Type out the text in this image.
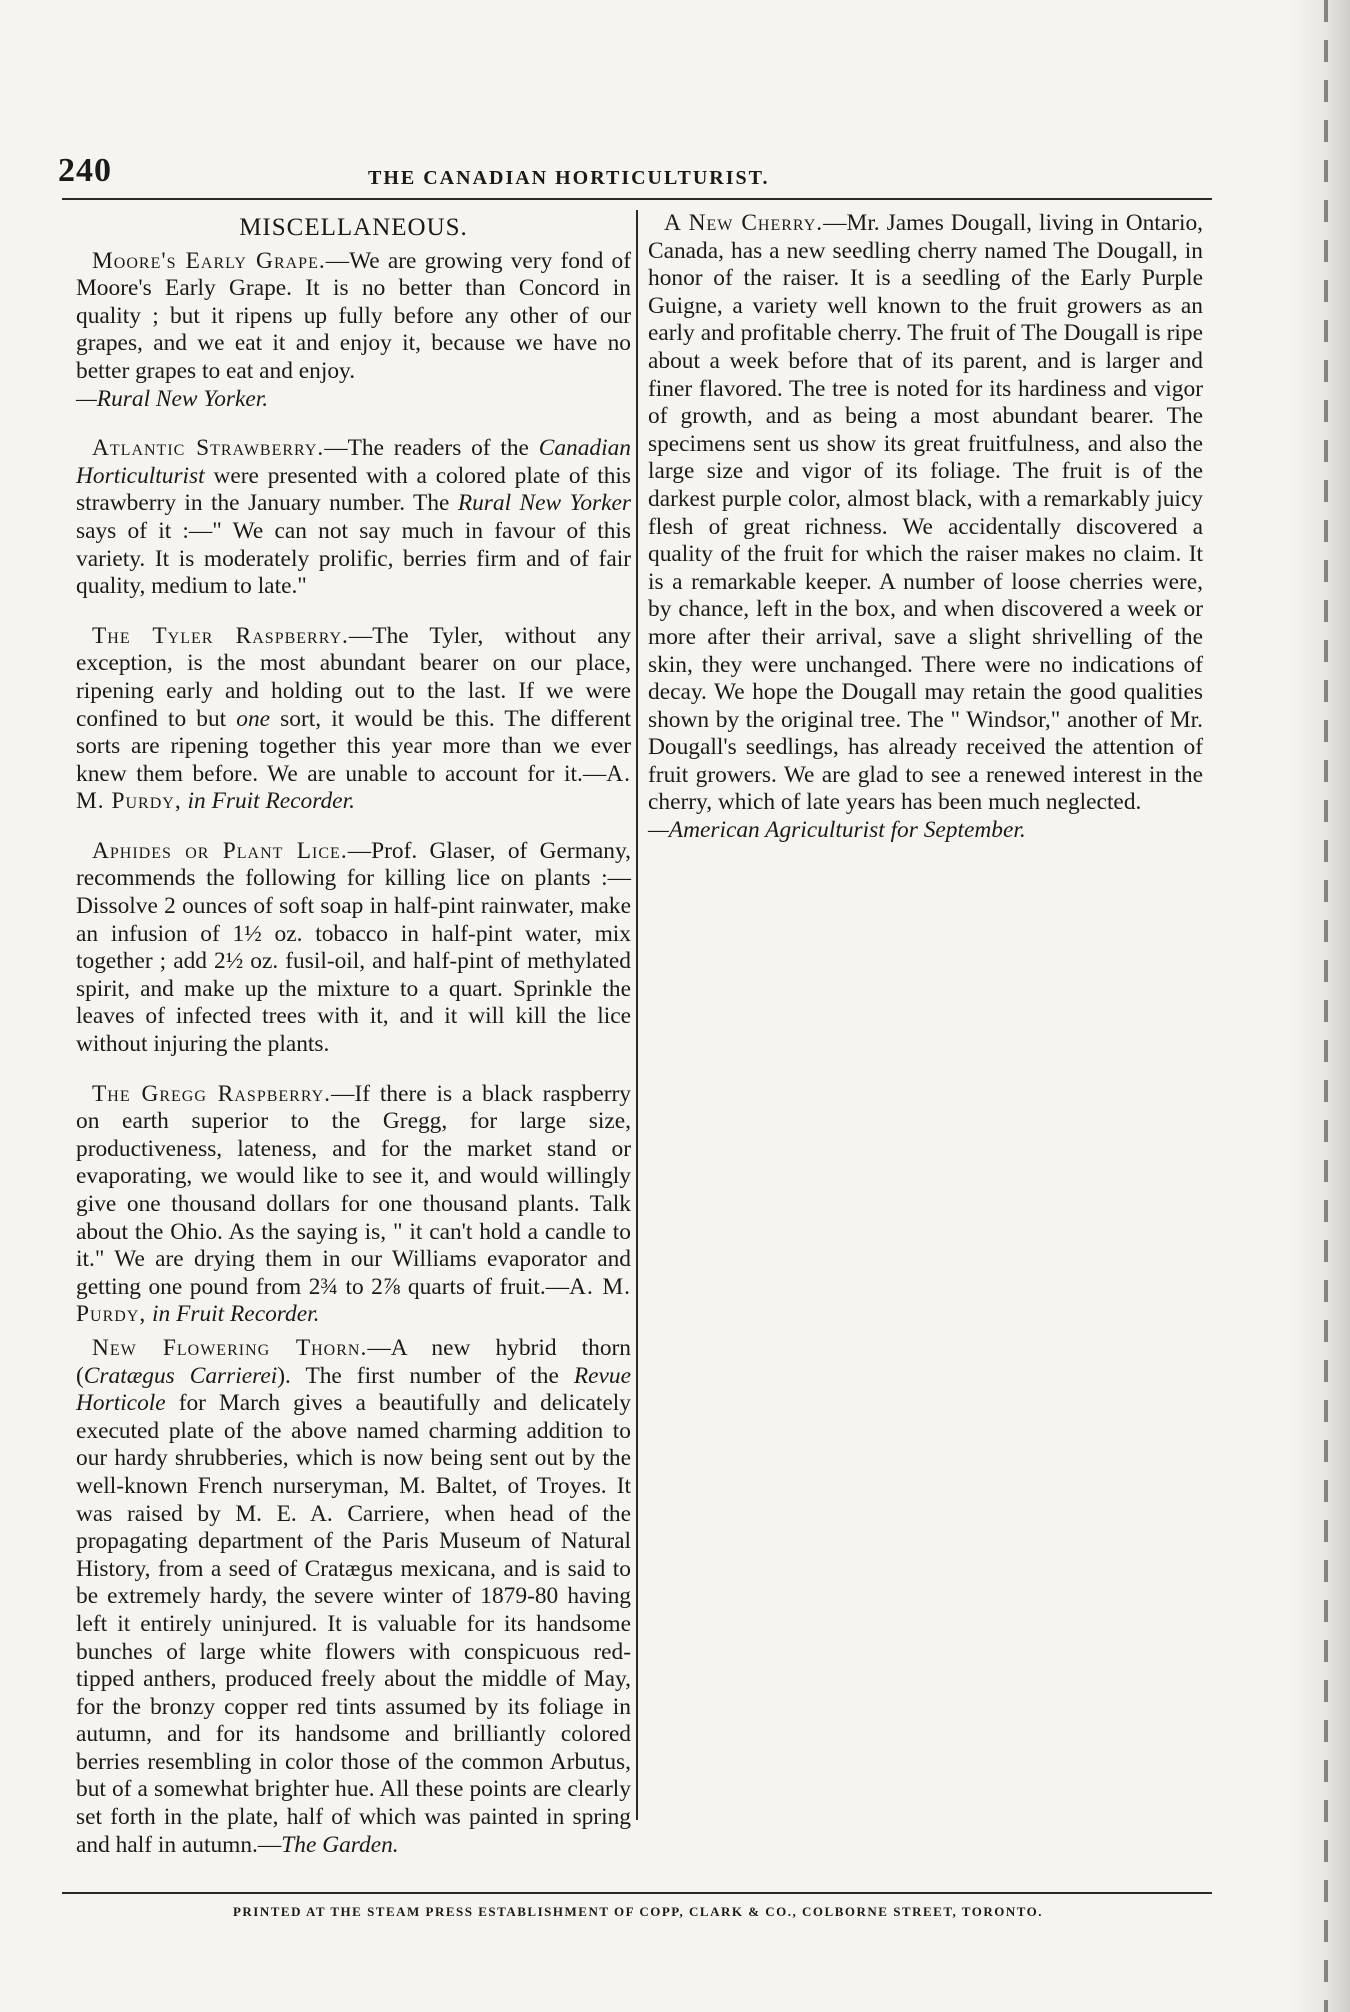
240	THE CANADIAN HORTICULTURIST.
MISCELLANEOUS.

Moore's Early Grape.—We are growing very fond of Moore's Early Grape. It is no better than Concord in quality ; but it ripens up fully before any other of our grapes, and we eat it and enjoy it, because we have no better grapes to eat and enjoy.
—Rural New Yorker.

Atlantic Strawberry.—The readers of the Canadian Horticulturist were presented with a colored plate of this strawberry in the January number. The Rural New Yorker says of it :—" We can not say much in favour of this variety. It is moderately prolific, berries firm and of fair quality, medium to late."

The Tyler Raspberry.—The Tyler, without any exception, is the most abundant bearer on our place, ripening early and holding out to the last. If we were confined to but one sort, it would be this. The different sorts are ripening together this year more than we ever knew them before. We are unable to account for it.—A. M. Purdy, in Fruit Recorder.

Aphides or Plant Lice.—Prof. Glaser, of Germany, recommends the following for killing lice on plants :—Dissolve 2 ounces of soft soap in half-pint rainwater, make an infusion of 1½ oz. tobacco in half-pint water, mix together ; add 2½ oz. fusil-oil, and half-pint of methylated spirit, and make up the mixture to a quart. Sprinkle the leaves of infected trees with it, and it will kill the lice without injuring the plants.

The Gregg Raspberry.—If there is a black raspberry on earth superior to the Gregg, for large size, productiveness, lateness, and for the market stand or evaporating, we would like to see it, and would willingly give one thousand dollars for one thousand plants. Talk about the Ohio. As the saying is, " it can't hold a candle to it." We are drying them in our Williams evaporator and getting one pound from 2¾ to 2⅞ quarts of fruit.—A. M. Purdy, in Fruit Recorder.

New Flowering Thorn.—A new hybrid thorn (Cratægus Carrierei). The first number of the Revue Horticole for March gives a beautifully and delicately executed plate of the above named charming addition to our hardy shrubberies, which is now being sent out by the well-known French nurseryman, M. Baltet, of Troyes. It was raised by M. E. A. Carriere, when head of the propagating department of the Paris Museum of Natural History, from a seed of Cratægus mexicana, and is said to be extremely hardy, the severe winter of 1879-80 having left it entirely uninjured. It is valuable for its handsome bunches of large white flowers with conspicuous red-tipped anthers, produced freely about the middle of May, for the bronzy copper red tints assumed by its foliage in autumn, and for its handsome and brilliantly colored berries resembling in color those of the common Arbutus, but of a somewhat brighter hue. All these points are clearly set forth in the plate, half of which was painted in spring and half in autumn.—The Garden.

A New Cherry.—Mr. James Dougall, living in Ontario, Canada, has a new seedling cherry named The Dougall, in honor of the raiser. It is a seedling of the Early Purple Guigne, a variety well known to the fruit growers as an early and profitable cherry. The fruit of The Dougall is ripe about a week before that of its parent, and is larger and finer flavored. The tree is noted for its hardiness and vigor of growth, and as being a most abundant bearer. The specimens sent us show its great fruitfulness, and also the large size and vigor of its foliage. The fruit is of the darkest purple color, almost black, with a remarkably juicy flesh of great richness. We accidentally discovered a quality of the fruit for which the raiser makes no claim. It is a remarkable keeper. A number of loose cherries were, by chance, left in the box, and when discovered a week or more after their arrival, save a slight shrivelling of the skin, they were unchanged. There were no indications of decay. We hope the Dougall may retain the good qualities shown by the original tree. The " Windsor," another of Mr. Dougall's seedlings, has already received the attention of fruit growers. We are glad to see a renewed interest in the cherry, which of late years has been much neglected.
—American Agriculturist for September.

PRINTED AT THE STEAM PRESS ESTABLISHMENT OF COPP, CLARK & CO., COLBORNE STREET, TORONTO.
